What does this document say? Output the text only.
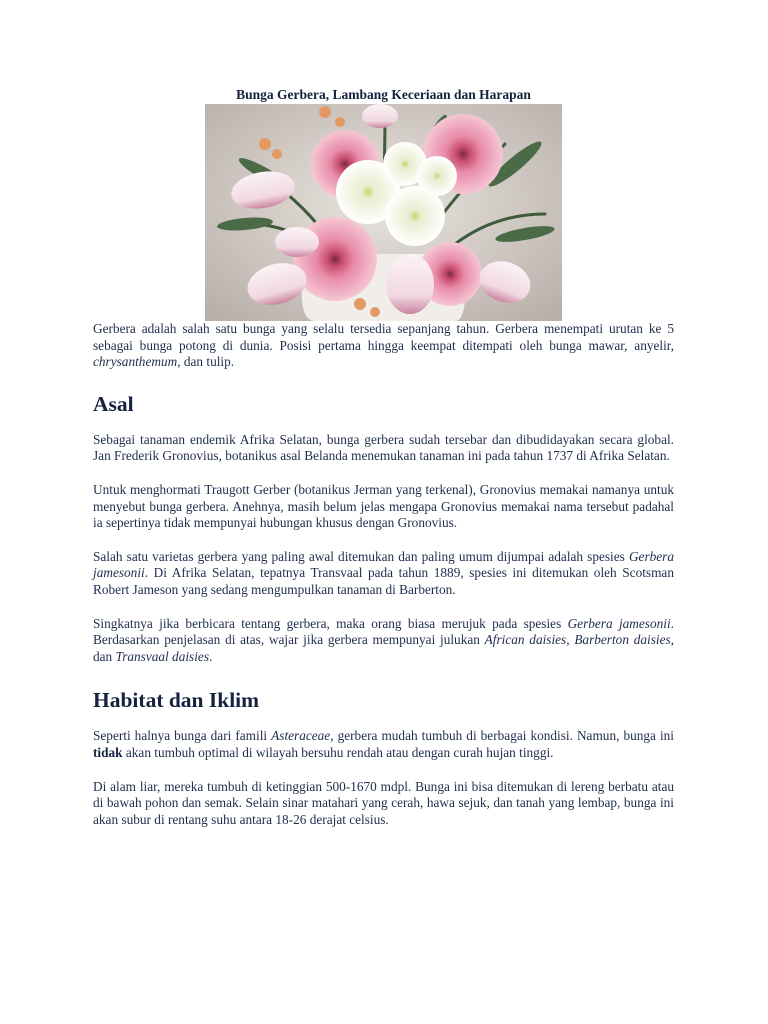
Bunga Gerbera, Lambang Keceriaan dan Harapan

Gerbera adalah salah satu bunga yang selalu tersedia sepanjang tahun. Gerbera menempati urutan ke 5 sebagai bunga potong di dunia. Posisi pertama hingga keempat ditempati oleh bunga mawar, anyelir, chrysanthemum, dan tulip.

Asal

Sebagai tanaman endemik Afrika Selatan, bunga gerbera sudah tersebar dan dibudidayakan secara global. Jan Frederik Gronovius, botanikus asal Belanda menemukan tanaman ini pada tahun 1737 di Afrika Selatan.

Untuk menghormati Traugott Gerber (botanikus Jerman yang terkenal), Gronovius memakai namanya untuk menyebut bunga gerbera. Anehnya, masih belum jelas mengapa Gronovius memakai nama tersebut padahal ia sepertinya tidak mempunyai hubungan khusus dengan Gronovius.

Salah satu varietas gerbera yang paling awal ditemukan dan paling umum dijumpai adalah spesies Gerbera jamesonii. Di Afrika Selatan, tepatnya Transvaal pada tahun 1889, spesies ini ditemukan oleh Scotsman Robert Jameson yang sedang mengumpulkan tanaman di Barberton.

Singkatnya jika berbicara tentang gerbera, maka orang biasa merujuk pada spesies Gerbera jamesonii. Berdasarkan penjelasan di atas, wajar jika gerbera mempunyai julukan African daisies, Barberton daisies, dan Transvaal daisies.

Habitat dan Iklim

Seperti halnya bunga dari famili Asteraceae, gerbera mudah tumbuh di berbagai kondisi. Namun, bunga ini tidak akan tumbuh optimal di wilayah bersuhu rendah atau dengan curah hujan tinggi.

Di alam liar, mereka tumbuh di ketinggian 500-1670 mdpl. Bunga ini bisa ditemukan di lereng berbatu atau di bawah pohon dan semak. Selain sinar matahari yang cerah, hawa sejuk, dan tanah yang lembap, bunga ini akan subur di rentang suhu antara 18-26 derajat celsius.
